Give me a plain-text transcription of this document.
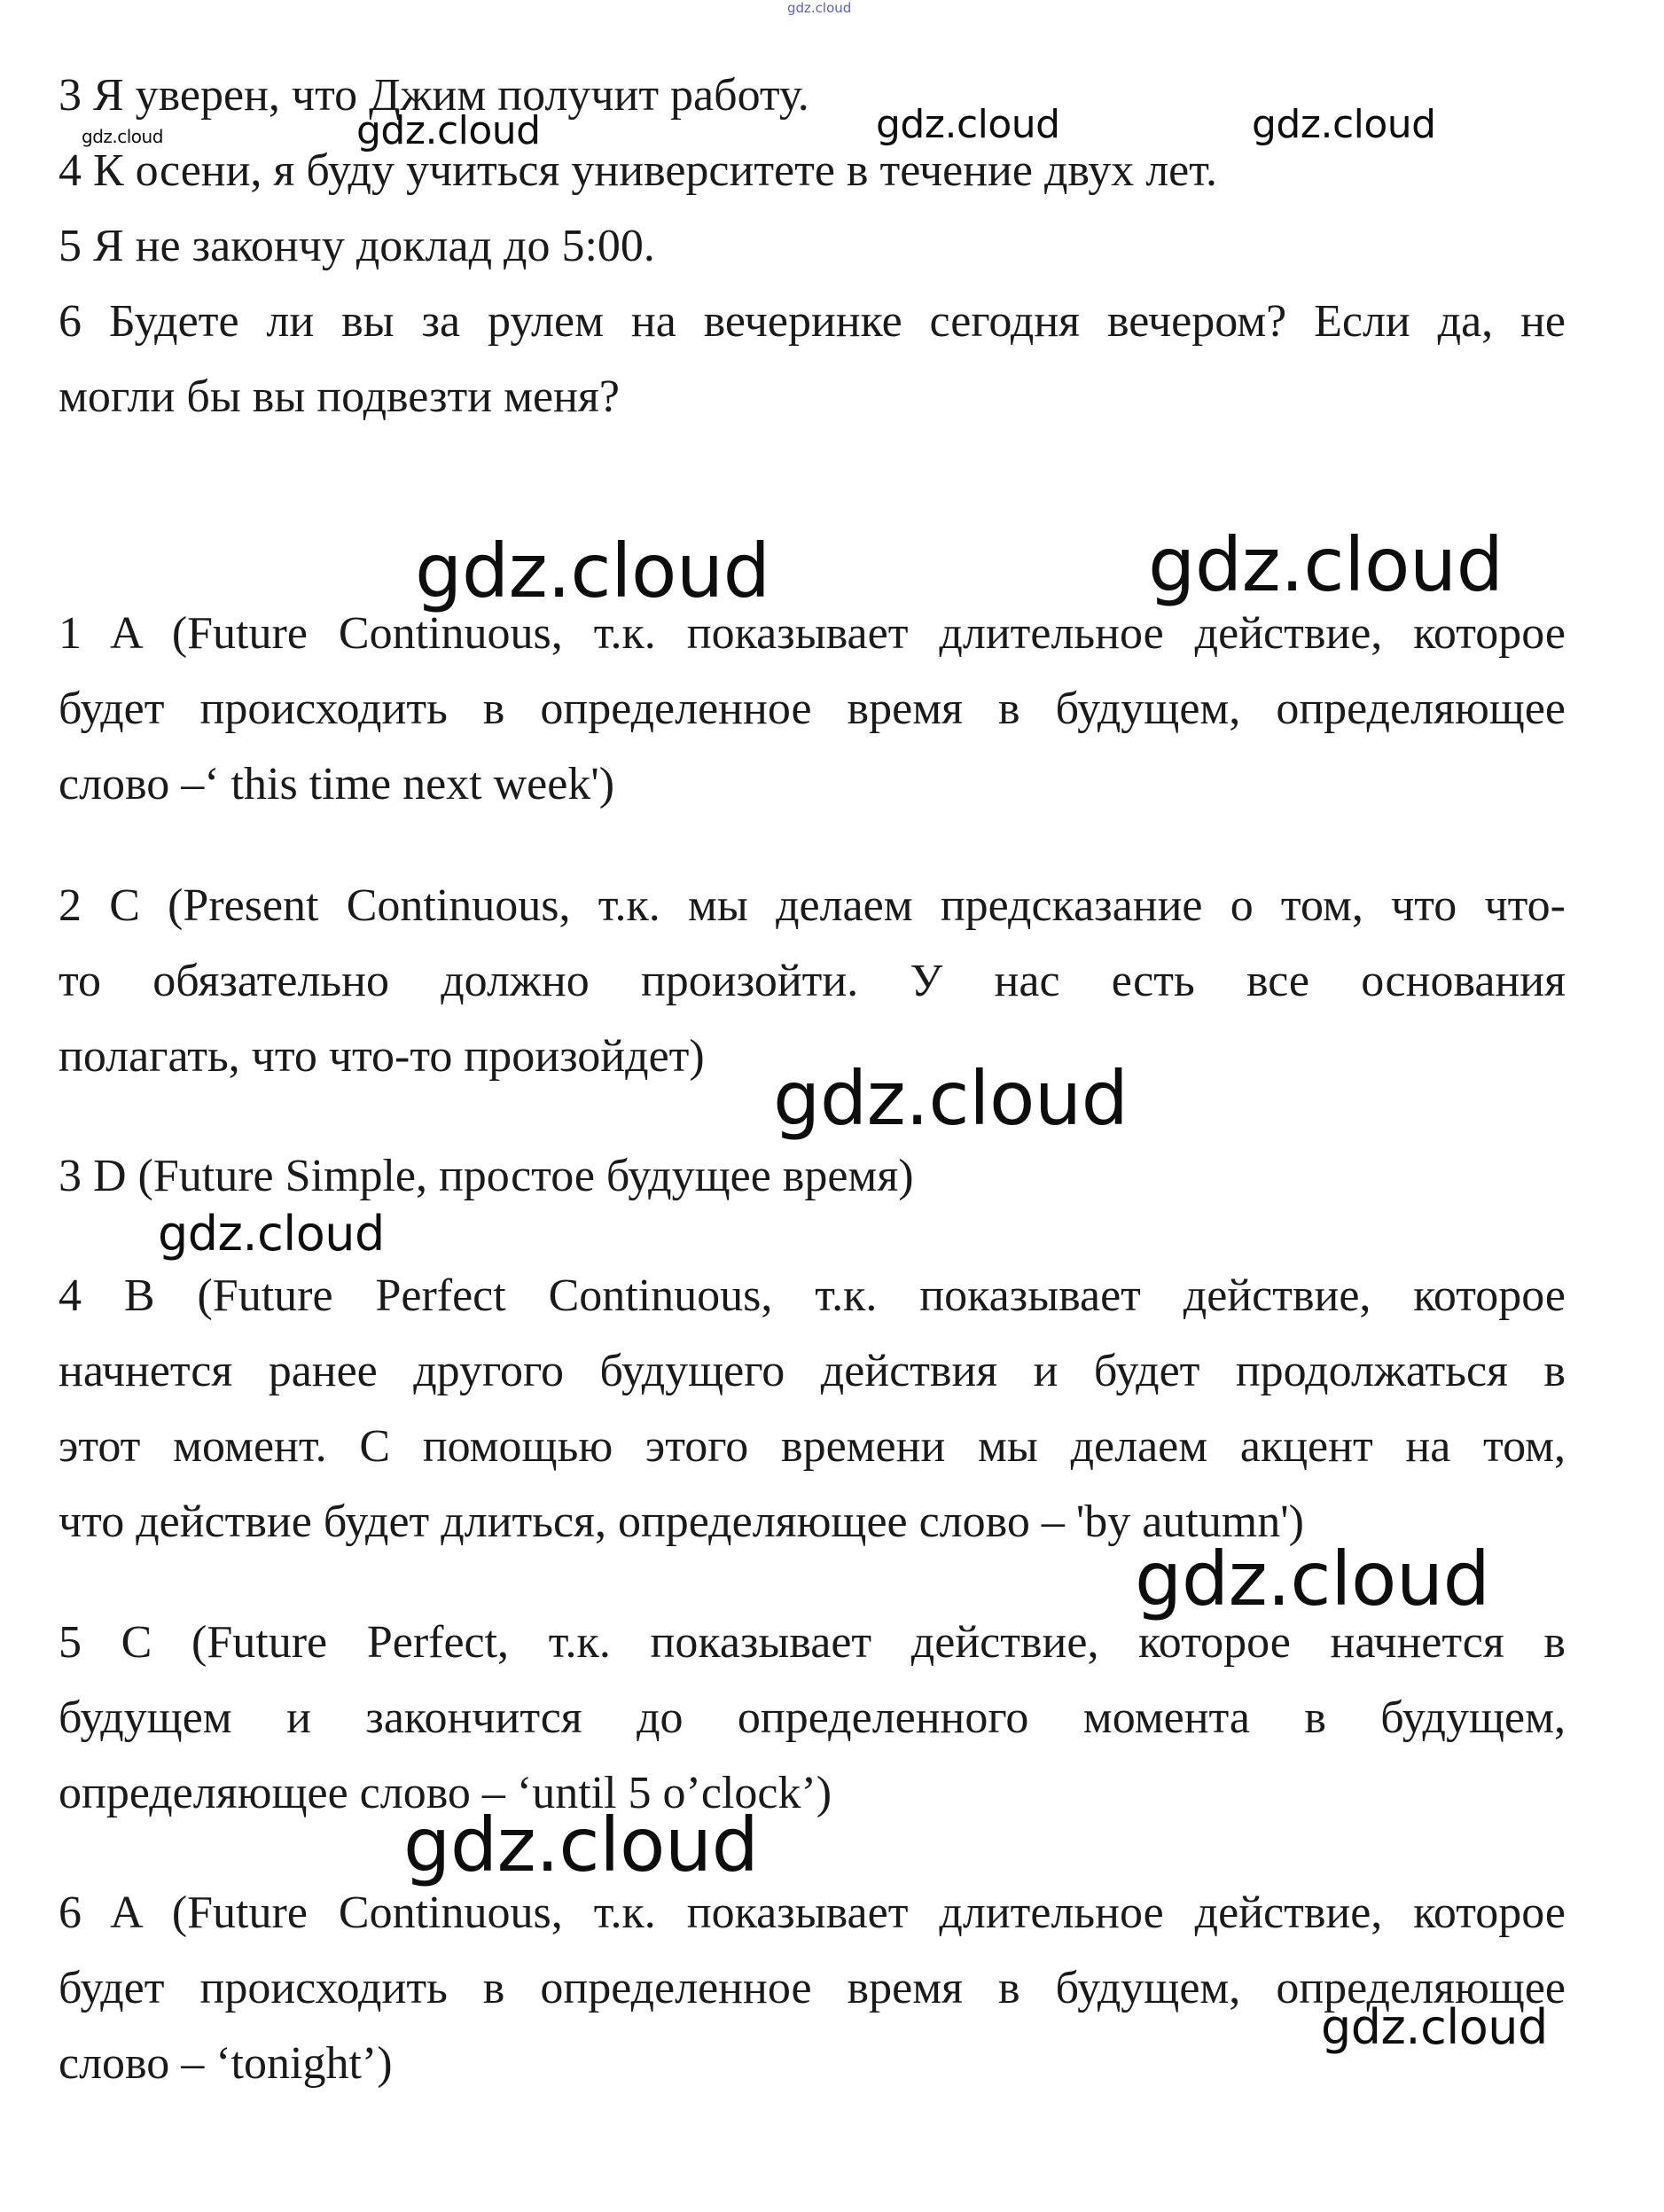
gdz.cloud
3 Я уверен, что Джим получит работу.
4 К осени, я буду учиться университете в течение двух лет.
5 Я не закончу доклад до 5:00.
6 Будете ли вы за рулем на вечеринке сегодня вечером? Если да, не
могли бы вы подвезти меня?
1 A (Future Continuous, т.к. показывает длительное действие, которое
будет происходить в определенное время в будущем, определяющее
слово –‘ this time next week')
2 C (Present Continuous, т.к. мы делаем предсказание о том, что что-
то обязательно должно произойти. У нас есть все основания
полагать, что что-то произойдет)
3 D (Future Simple, простое будущее время)
4 B (Future Perfect Continuous, т.к. показывает действие, которое
начнется ранее другого будущего действия и будет продолжаться в
этот момент. С помощью этого времени мы делаем акцент на том,
что действие будет длиться, определяющее слово – 'by autumn')
5 C (Future Perfect, т.к. показывает действие, которое начнется в
будущем и закончится до определенного момента в будущем,
определяющее слово – ‘until 5 o’clock’)
6 A (Future Continuous, т.к. показывает длительное действие, которое
будет происходить в определенное время в будущем, определяющее
слово – ‘tonight’)
gdz.cloud	gdz.cloud	gdz.cloud	gdz.cloud
gdz.cloud	gdz.cloud
gdz.cloud
gdz.cloud
gdz.cloud
gdz.cloud
gdz.cloud
